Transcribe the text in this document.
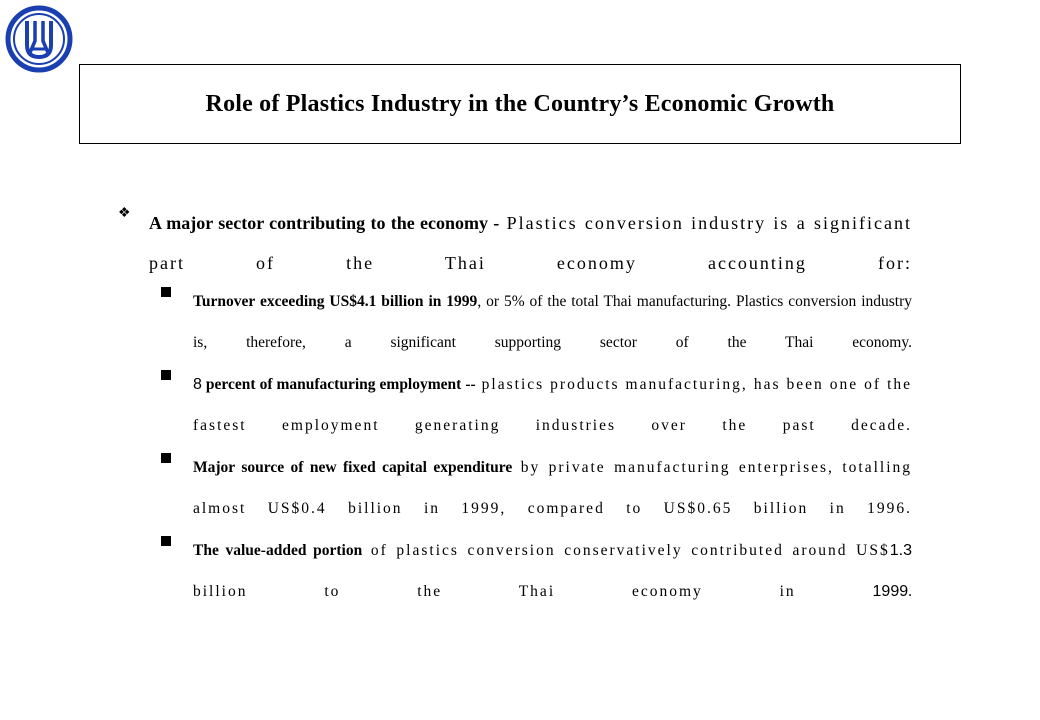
Role of Plastics Industry in the Country’s Economic Growth
❖ A major sector contributing to the economy - Plastics conversion industry is a significant part of the Thai economy accounting for:
Turnover exceeding US$4.1 billion in 1999, or 5% of the total Thai manufacturing. Plastics conversion industry is, therefore, a significant supporting sector of the Thai economy.
8 percent of manufacturing employment -- plastics products manufacturing, has been one of the fastest employment generating industries over the past decade.
Major source of new fixed capital expenditure by private manufacturing enterprises, totalling almost US$0.4 billion in 1999, compared to US$0.65 billion in 1996.
The value-added portion of plastics conversion conservatively contributed around US$1.3 billion to the Thai economy in 1999.
